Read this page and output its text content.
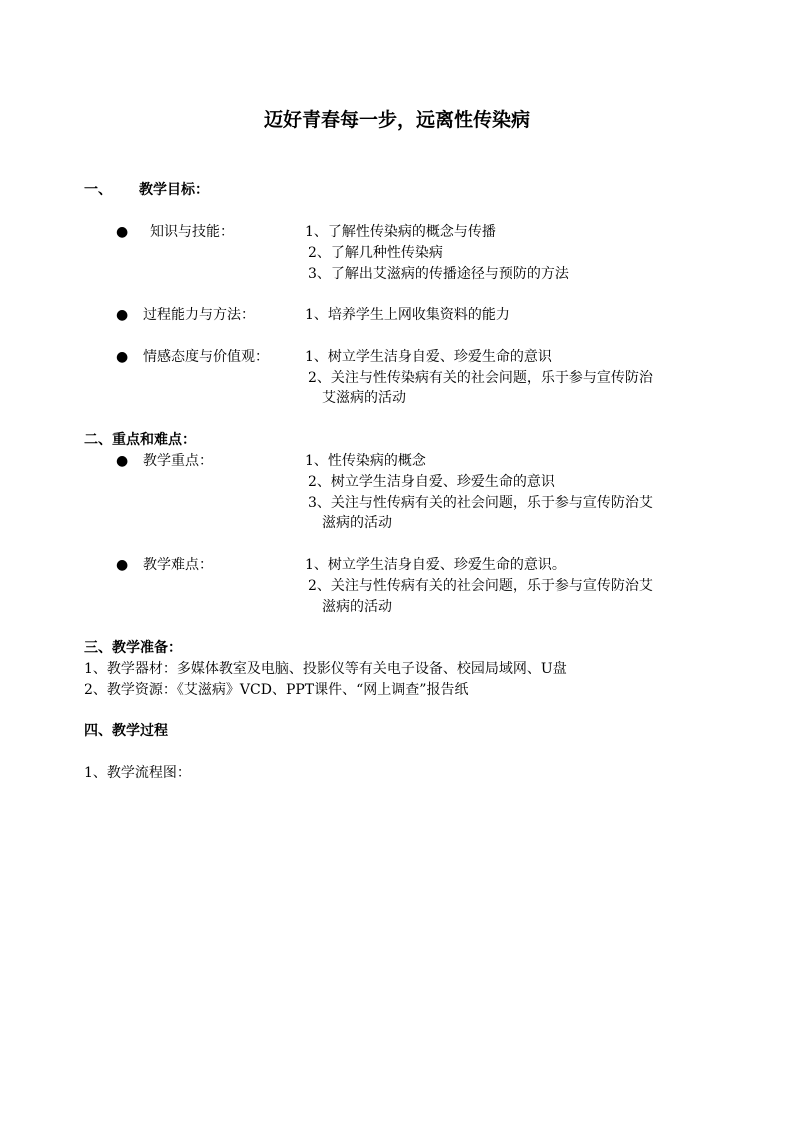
迈好青春每一步，远离性传染病
一、 教学目标：
● 知识与技能：	1、了解性传染病的概念与传播
2、了解几种性传染病
3、了解出艾滋病的传播途径与预防的方法
● 过程能力与方法：	1、培养学生上网收集资料的能力
● 情感态度与价值观：	1、树立学生洁身自爱、珍爱生命的意识
2、关注与性传染病有关的社会问题，乐于参与宣传防治
艾滋病的活动
二、重点和难点：
● 教学重点：	1、性传染病的概念
2、树立学生洁身自爱、珍爱生命的意识
3、关注与性传病有关的社会问题，乐于参与宣传防治艾
滋病的活动
● 教学难点：	1、树立学生洁身自爱、珍爱生命的意识。
2、关注与性传病有关的社会问题，乐于参与宣传防治艾
滋病的活动
三、教学准备：
1、教学器材：多媒体教室及电脑、投影仪等有关电子设备、校园局域网、U盘
2、教学资源：《艾滋病》VCD、PPT课件、“网上调查”报告纸
四、教学过程
1、教学流程图：
